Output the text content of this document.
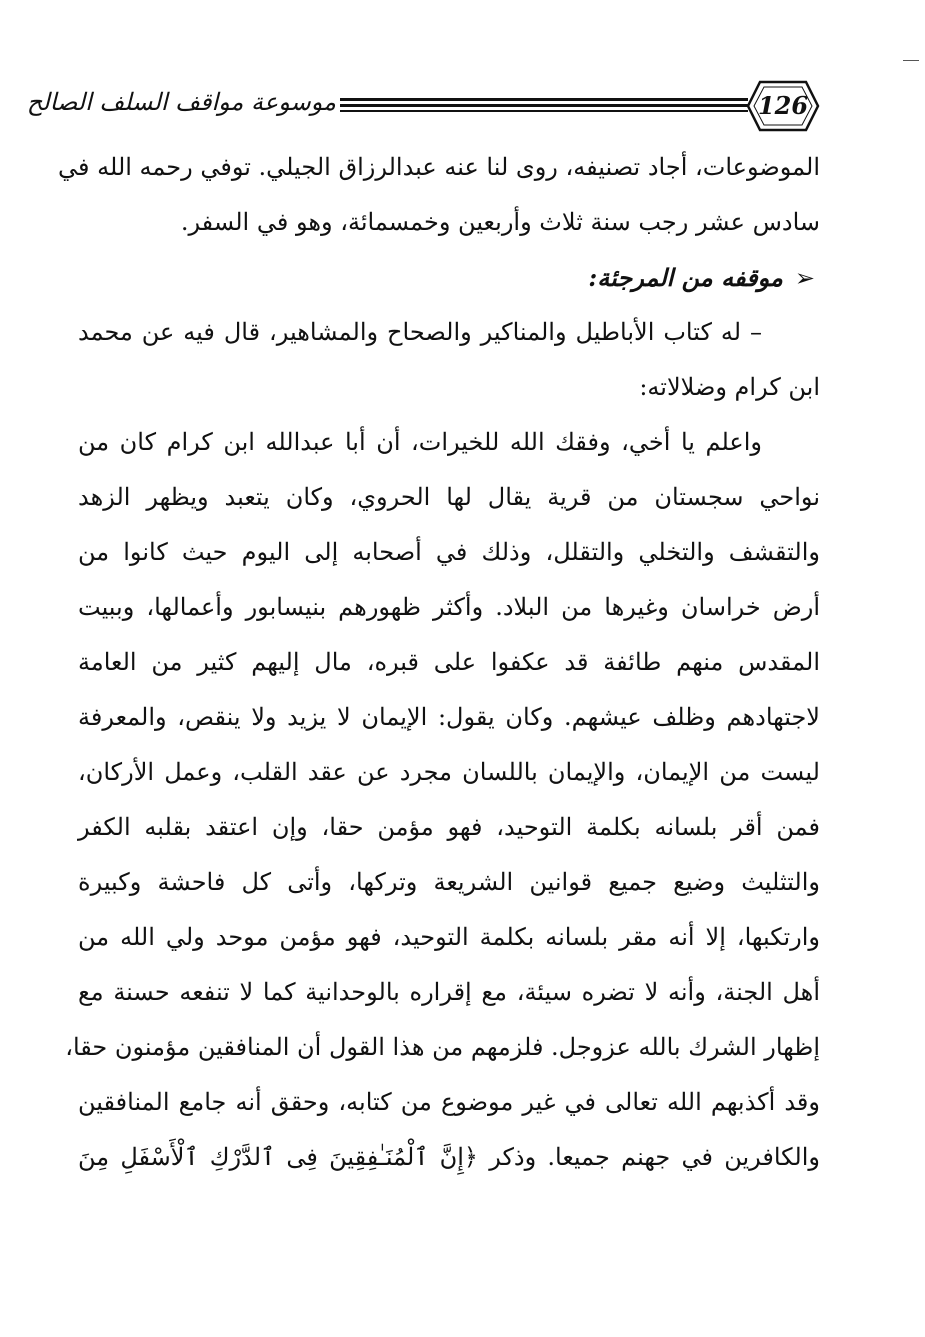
126
موسوعة مواقف السلف الصالح
الموضوعات، أجاد تصنيفه، روى لنا عنه عبدالرزاق الجيلي. توفي رحمه الله في
سادس عشر رجب سنة ثلاث وأربعين وخمسمائة، وهو في السفر.
➢موقفه من المرجئة:
– له كتاب الأباطيل والمناكير والصحاح والمشاهير، قال فيه عن محمد
ابن كرام وضلالاته:
واعلم يا أخي، وفقك الله للخيرات، أن أبا عبدالله ابن كرام كان من
نواحي سجستان من قرية يقال لها الحروي، وكان يتعبد ويظهر الزهد
والتقشف والتخلي والتقلل، وذلك في أصحابه إلى اليوم حيث كانوا من
أرض خراسان وغيرها من البلاد. وأكثر ظهورهم بنيسابور وأعمالها، وببيت
المقدس منهم طائفة قد عكفوا على قبره، مال إليهم كثير من العامة
لاجتهادهم وظلف عيشهم. وكان يقول: الإيمان لا يزيد ولا ينقص، والمعرفة
ليست من الإيمان، والإيمان باللسان مجرد عن عقد القلب، وعمل الأركان،
فمن أقر بلسانه بكلمة التوحيد، فهو مؤمن حقا، وإن اعتقد بقلبه الكفر
والتثليث وضيع جميع قوانين الشريعة وتركها، وأتى كل فاحشة وكبيرة
وارتكبها، إلا أنه مقر بلسانه بكلمة التوحيد، فهو مؤمن موحد ولي الله من
أهل الجنة، وأنه لا تضره سيئة، مع إقراره بالوحدانية كما لا تنفعه حسنة مع
إظهار الشرك بالله عزوجل. فلزمهم من هذا القول أن المنافقين مؤمنون حقا،
وقد أكذبهم الله تعالى في غير موضوع من كتابه، وحقق أنه جامع المنافقين
والكافرين في جهنم جميعا. وذكر ﴿إِنَّ ٱلْمُنَـٰفِقِينَ فِى ٱلدَّرْكِ ٱلْأَسْفَلِ مِنَ
